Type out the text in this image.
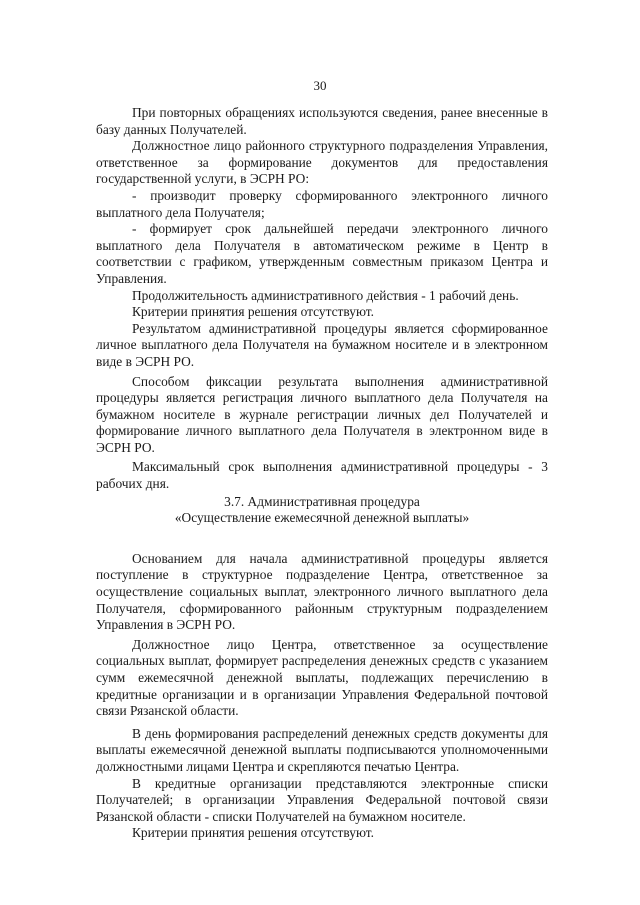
30

При повторных обращениях используются сведения, ранее внесенные в базу данных Получателей.

Должностное лицо районного структурного подразделения Управления, ответственное за формирование документов для предоставления государственной услуги, в ЭСРН РО:

- производит проверку сформированного электронного личного выплатного дела Получателя;

- формирует срок дальнейшей передачи электронного личного выплатного дела Получателя в автоматическом режиме в Центр в соответствии с графиком, утвержденным совместным приказом Центра и Управления.

Продолжительность административного действия - 1 рабочий день.

Критерии принятия решения отсутствуют.

Результатом административной процедуры является сформированное личное выплатного дела Получателя на бумажном носителе и в электронном виде в ЭСРН РО.

Способом фиксации результата выполнения административной процедуры является регистрация личного выплатного дела Получателя на бумажном носителе в журнале регистрации личных дел Получателей и формирование личного выплатного дела Получателя в электронном виде в ЭСРН РО.

Максимальный срок выполнения административной процедуры - 3 рабочих дня.

3.7. Административная процедура

«Осуществление ежемесячной денежной выплаты»

Основанием для начала административной процедуры является поступление в структурное подразделение Центра, ответственное за осуществление социальных выплат, электронного личного выплатного дела Получателя, сформированного районным структурным подразделением Управления в ЭСРН РО.

Должностное лицо Центра, ответственное за осуществление социальных выплат, формирует распределения денежных средств с указанием сумм ежемесячной денежной выплаты, подлежащих перечислению в кредитные организации и в организации Управления Федеральной почтовой связи Рязанской области.

В день формирования распределений денежных средств документы для выплаты ежемесячной денежной выплаты подписываются уполномоченными должностными лицами Центра и скрепляются печатью Центра.

В кредитные организации представляются электронные списки Получателей; в организации Управления Федеральной почтовой связи Рязанской области - списки Получателей на бумажном носителе.

Критерии принятия решения отсутствуют.
